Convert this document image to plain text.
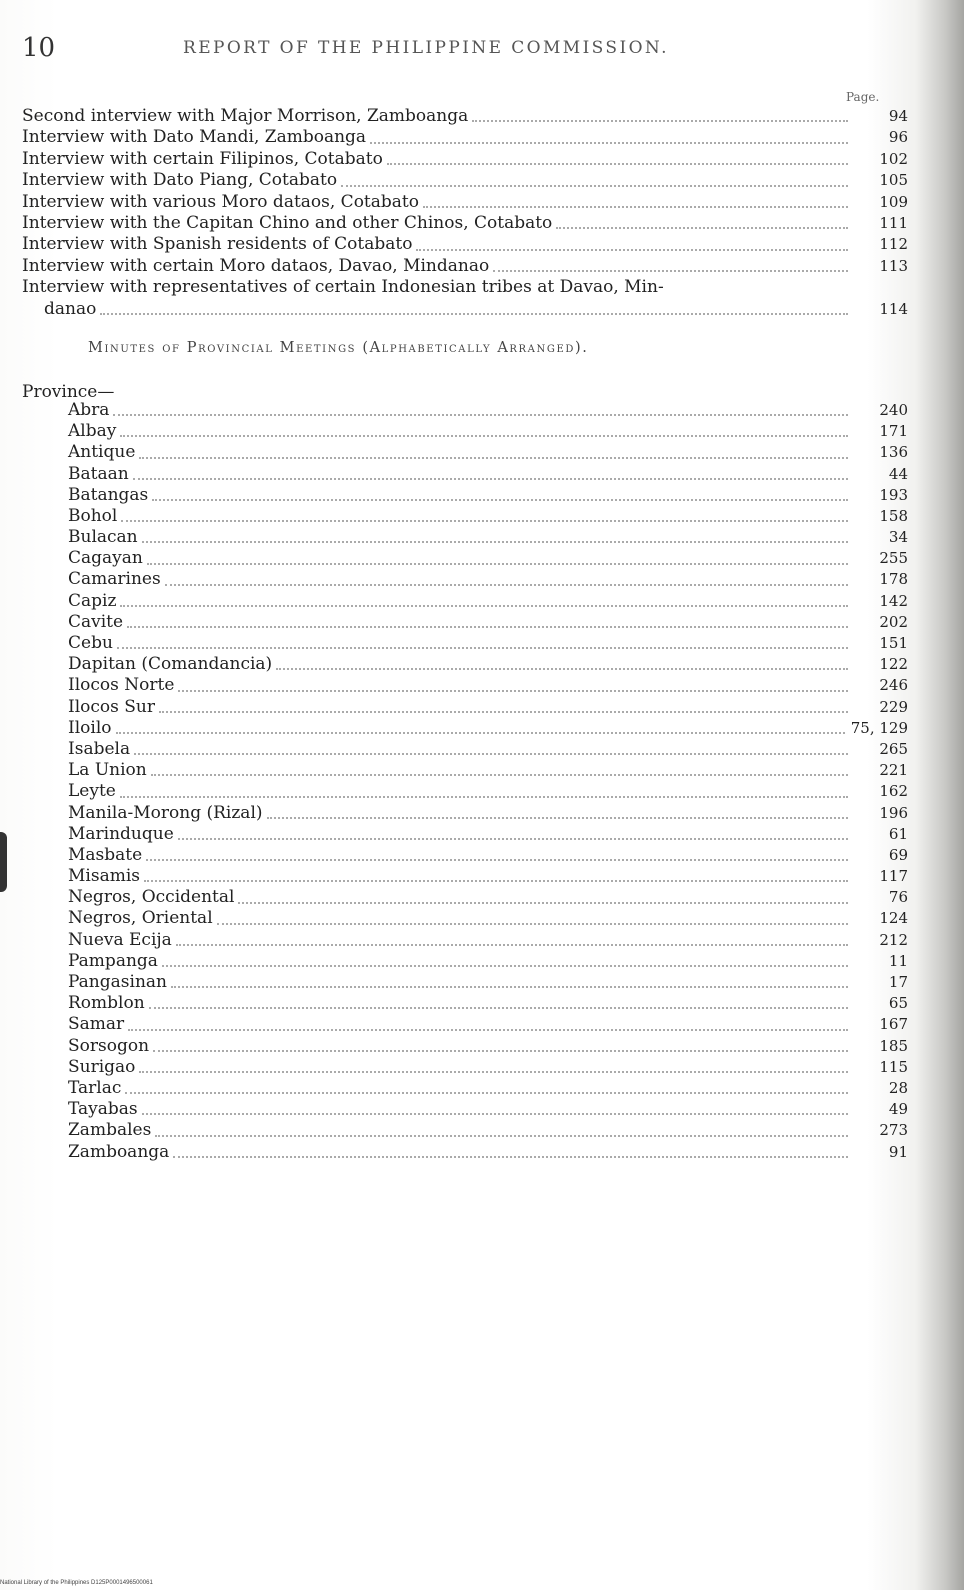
10	REPORT OF THE PHILIPPINE COMMISSION.
Page.
Second interview with Major Morrison, Zamboanga	94
Interview with Dato Mandi, Zamboanga	96
Interview with certain Filipinos, Cotabato	102
Interview with Dato Piang, Cotabato	105
Interview with various Moro dataos, Cotabato	109
Interview with the Capitan Chino and other Chinos, Cotabato	111
Interview with Spanish residents of Cotabato	112
Interview with certain Moro dataos, Davao, Mindanao	113
Interview with representatives of certain Indonesian tribes at Davao, Min-
danao	114
Minutes of Provincial Meetings (Alphabetically Arranged).
Province—
Abra	240
Albay	171
Antique	136
Bataan	44
Batangas	193
Bohol	158
Bulacan	34
Cagayan	255
Camarines	178
Capiz	142
Cavite	202
Cebu	151
Dapitan (Comandancia)	122
Ilocos Norte	246
Ilocos Sur	229
Iloilo	75, 129
Isabela	265
La Union	221
Leyte	162
Manila-Morong (Rizal)	196
Marinduque	61
Masbate	69
Misamis	117
Negros, Occidental	76
Negros, Oriental	124
Nueva Ecija	212
Pampanga	11
Pangasinan	17
Romblon	65
Samar	167
Sorsogon	185
Surigao	115
Tarlac	28
Tayabas	49
Zambales	273
Zamboanga	91
National Library of the Philippines D125P0001496500061
